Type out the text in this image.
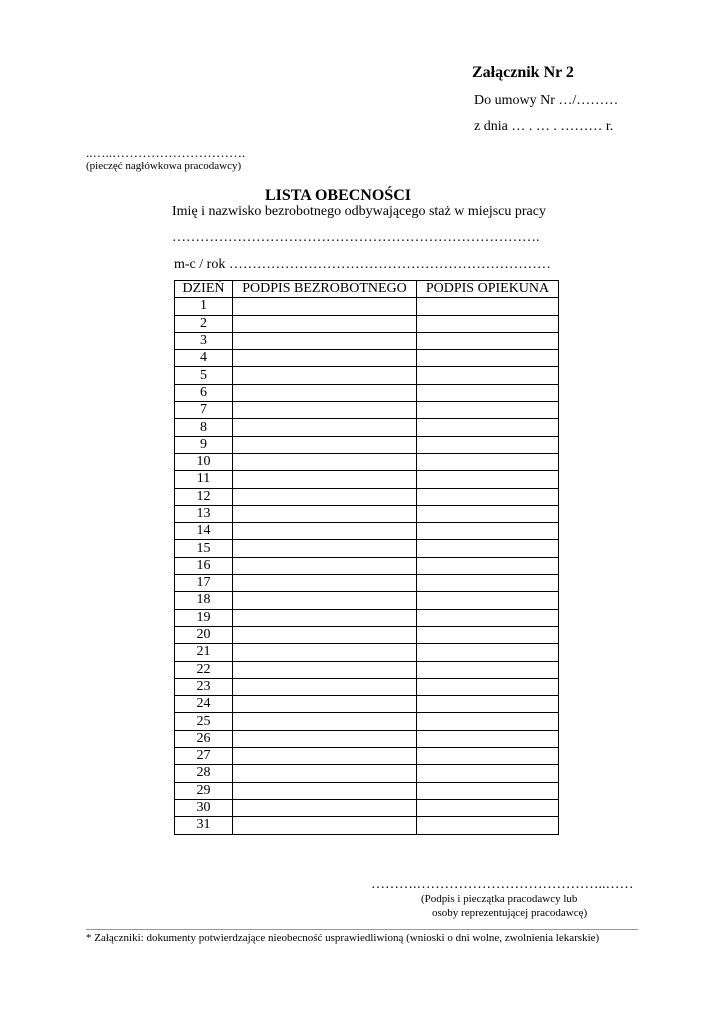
Załącznik Nr 2
Do umowy Nr …/………
z dnia … . … . ……… r.
..…..………………………….
(pieczęć nagłówkowa pracodawcy)
LISTA OBECNOŚCI
Imię i nazwisko bezrobotnego odbywającego staż w miejscu pracy
…………………………………………………………………….
m-c / rok ……………………………………………………………
DZIEŃ	PODPIS BEZROBOTNEGO	PODPIS OPIEKUNA
1		
2		
3		
4		
5		
6		
7		
8		
9		
10		
11		
12		
13		
14		
15		
16		
17		
18		
19		
20		
21		
22		
23		
24		
25		
26		
27		
28		
29		
30		
31		
……….…………………………………..……
(Podpis i pieczątka pracodawcy lub
osoby reprezentującej pracodawcę)
* Załączniki: dokumenty potwierdzające nieobecność usprawiedliwioną (wnioski o dni wolne, zwolnienia lekarskie)
